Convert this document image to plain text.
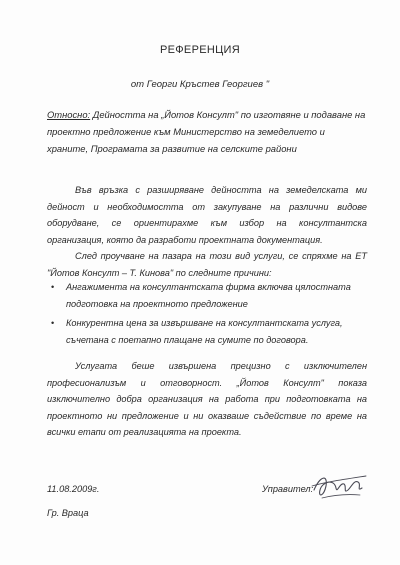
РЕФЕРЕНЦИЯ
от Георги Кръстев Георгиев "
Относно: Дейността на „Йотов Консулт" по изготвяне и подаване на проектно предложение към Министерство на земеделието и храните, Програмата за развитие на селските райони
Във връзка с разширяване дейността на земеделската ми дейност и необходимостта от закупуване на различни видове оборудване, се ориентирахме към избор на консултантска организация, която да разработи проектната документация.
След проучване на пазара на този вид услуги, се спряхме на ЕТ "Йотов Консулт – Т. Кинова" по следните причини:
• Ангажимента на консултантската фирма включва цялостната подготовка на проектното предложение
• Конкурентна цена за извършване на консултантската услуга, съчетана с поетапно плащане на сумите по договора.
Услугата беше извършена прецизно с изключителен професионализъм и отговорност. „Йотов Консулт" показа изключително добра организация на работа при подготовката на проектното ни предложение и ни оказваше съдействие по време на всички етапи от реализацията на проекта.
11.08.2009г.
Гр. Враца
Управител:
